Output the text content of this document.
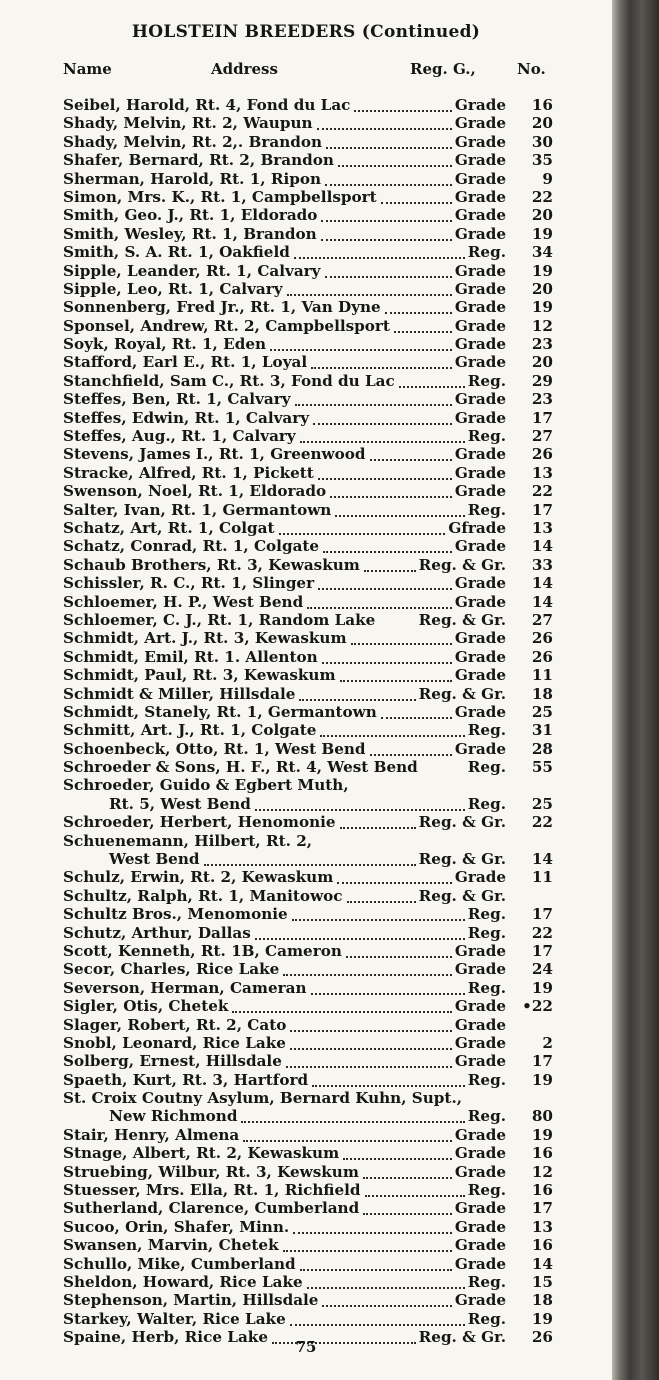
HOLSTEIN BREEDERS (Continued)
Name	Address	Reg. G.,	No.
Seibel, Harold, Rt. 4, Fond du Lac	Grade	16
Shady, Melvin, Rt. 2, Waupun	Grade	20
Shady, Melvin, Rt. 2,. Brandon	Grade	30
Shafer, Bernard, Rt. 2, Brandon	Grade	35
Sherman, Harold, Rt. 1, Ripon	Grade	9
Simon, Mrs. K., Rt. 1, Campbellsport	Grade	22
Smith, Geo. J., Rt. 1, Eldorado	Grade	20
Smith, Wesley, Rt. 1, Brandon	Grade	19
Smith, S. A. Rt. 1, Oakfield	Reg.	34
Sipple, Leander, Rt. 1, Calvary	Grade	19
Sipple, Leo, Rt. 1, Calvary	Grade	20
Sonnenberg, Fred Jr., Rt. 1, Van Dyne	Grade	19
Sponsel, Andrew, Rt. 2, Campbellsport	Grade	12
Soyk, Royal, Rt. 1, Eden	Grade	23
Stafford, Earl E., Rt. 1, Loyal	Grade	20
Stanchfield, Sam C., Rt. 3, Fond du Lac	Reg.	29
Steffes, Ben, Rt. 1, Calvary	Grade	23
Steffes, Edwin, Rt. 1, Calvary	Grade	17
Steffes, Aug., Rt. 1, Calvary	Reg.	27
Stevens, James I., Rt. 1, Greenwood	Grade	26
Stracke, Alfred, Rt. 1, Pickett	Grade	13
Swenson, Noel, Rt. 1, Eldorado	Grade	22
Salter, Ivan, Rt. 1, Germantown	Reg.	17
Schatz, Art, Rt. 1, Colgat	Gfrade	13
Schatz, Conrad, Rt. 1, Colgate	Grade	14
Schaub Brothers, Rt. 3, Kewaskum	Reg. & Gr.	33
Schissler, R. C., Rt. 1, Slinger	Grade	14
Schloemer, H. P., West Bend	Grade	14
Schloemer, C. J., Rt. 1, Random Lake	Reg. & Gr.	27
Schmidt, Art. J., Rt. 3, Kewaskum	Grade	26
Schmidt, Emil, Rt. 1. Allenton	Grade	26
Schmidt, Paul, Rt. 3, Kewaskum	Grade	11
Schmidt & Miller, Hillsdale	Reg. & Gr.	18
Schmidt, Stanely, Rt. 1, Germantown	Grade	25
Schmitt, Art. J., Rt. 1, Colgate	Reg.	31
Schoenbeck, Otto, Rt. 1, West Bend	Grade	28
Schroeder & Sons, H. F., Rt. 4, West Bend	Reg.	55
Schroeder, Guido & Egbert Muth,
Rt. 5, West Bend	Reg.	25
Schroeder, Herbert, Henomonie	Reg. & Gr.	22
Schuenemann, Hilbert, Rt. 2,
West Bend	Reg. & Gr.	14
Schulz, Erwin, Rt. 2, Kewaskum	Grade	11
Schultz, Ralph, Rt. 1, Manitowoc	Reg. & Gr.
Schultz Bros., Menomonie	Reg.	17
Schutz, Arthur, Dallas	Reg.	22
Scott, Kenneth, Rt. 1B, Cameron	Grade	17
Secor, Charles, Rice Lake	Grade	24
Severson, Herman, Cameran	Reg.	19
Sigler, Otis, Chetek	Grade •22
Slager, Robert, Rt. 2, Cato	Grade
Snobl, Leonard, Rice Lake	Grade	2
Solberg, Ernest, Hillsdale	Grade	17
Spaeth, Kurt, Rt. 3, Hartford	Reg.	19
St. Croix Coutny Asylum, Bernard Kuhn, Supt.,
New Richmond	Reg.	80
Stair, Henry, Almena	Grade	19
Stnage, Albert, Rt. 2, Kewaskum	Grade	16
Struebing, Wilbur, Rt. 3, Kewskum	Grade	12
Stuesser, Mrs. Ella, Rt. 1, Richfield	Reg.	16
Sutherland, Clarence, Cumberland	Grade	17
Sucoo, Orin, Shafer, Minn.	Grade	13
Swansen, Marvin, Chetek	Grade	16
Schullo, Mike, Cumberland	Grade	14
Sheldon, Howard, Rice Lake	Reg.	15
Stephenson, Martin, Hillsdale	Grade	18
Starkey, Walter, Rice Lake	Reg.	19
Spaine, Herb, Rice Lake	Reg. & Gr.	26
75
